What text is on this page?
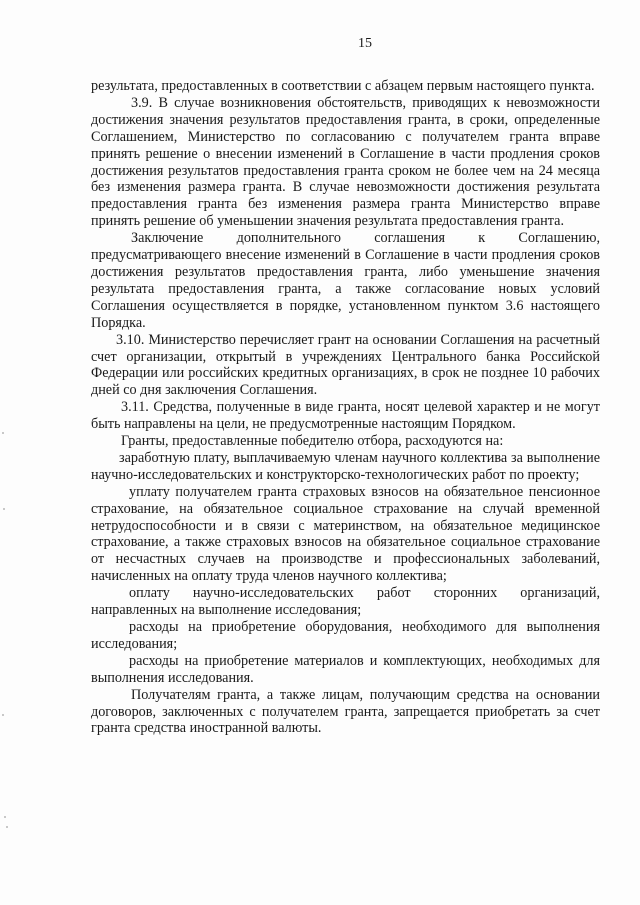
15

результата, предоставленных в соответствии с абзацем первым настоящего пункта.

3.9. В случае возникновения обстоятельств, приводящих к невозможности достижения значения результатов предоставления гранта, в сроки, определенные Соглашением, Министерство по согласованию с получателем гранта вправе принять решение о внесении изменений в Соглашение в части продления сроков достижения результатов предоставления гранта сроком не более чем на 24 месяца без изменения размера гранта. В случае невозможности достижения результата предоставления гранта без изменения размера гранта Министерство вправе принять решение об уменьшении значения результата предоставления гранта.

Заключение дополнительного соглашения к Соглашению, предусматривающего внесение изменений в Соглашение в части продления сроков достижения результатов предоставления гранта, либо уменьшение значения результата предоставления гранта, а также согласование новых условий Соглашения осуществляется в порядке, установленном пунктом 3.6 настоящего Порядка.

3.10. Министерство перечисляет грант на основании Соглашения на расчетный счет организации, открытый в учреждениях Центрального банка Российской Федерации или российских кредитных организациях, в срок не позднее 10 рабочих дней со дня заключения Соглашения.

3.11. Средства, полученные в виде гранта, носят целевой характер и не могут быть направлены на цели, не предусмотренные настоящим Порядком.

Гранты, предоставленные победителю отбора, расходуются на:

заработную плату, выплачиваемую членам научного коллектива за выполнение научно-исследовательских и конструкторско-технологических работ по проекту;

уплату получателем гранта страховых взносов на обязательное пенсионное страхование, на обязательное социальное страхование на случай временной нетрудоспособности и в связи с материнством, на обязательное медицинское страхование, а также страховых взносов на обязательное социальное страхование от несчастных случаев на производстве и профессиональных заболеваний, начисленных на оплату труда членов научного коллектива;

оплату научно-исследовательских работ сторонних организаций, направленных на выполнение исследования;

расходы на приобретение оборудования, необходимого для выполнения исследования;

расходы на приобретение материалов и комплектующих, необходимых для выполнения исследования.

Получателям гранта, а также лицам, получающим средства на основании договоров, заключенных с получателем гранта, запрещается приобретать за счет гранта средства иностранной валюты.
